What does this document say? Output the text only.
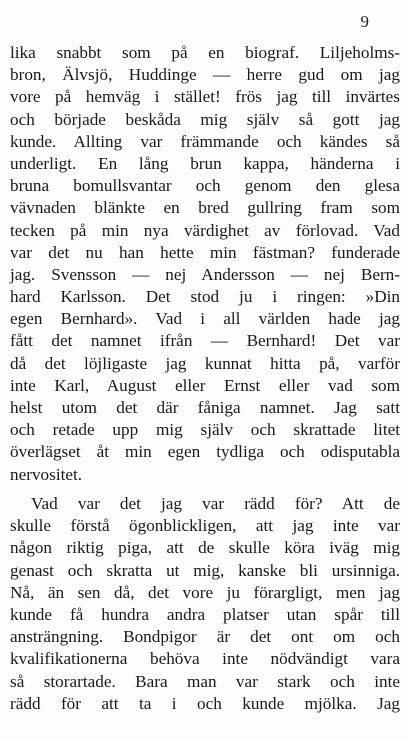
9
lika snabbt som på en biograf. Liljeholms-
bron, Älvsjö, Huddinge — herre gud om jag
vore på hemväg i stället! frös jag till invärtes
och började beskåda mig själv så gott jag
kunde. Allting var främmande och kändes så
underligt. En lång brun kappa, händerna i
bruna bomullsvantar och genom den glesa
vävnaden blänkte en bred gullring fram som
tecken på min nya värdighet av förlovad. Vad
var det nu han hette min fästman? funderade
jag. Svensson — nej Andersson — nej Bern-
hard Karlsson. Det stod ju i ringen: »Din
egen Bernhard». Vad i all världen hade jag
fått det namnet ifrån — Bernhard! Det var
då det löjligaste jag kunnat hitta på, varför
inte Karl, August eller Ernst eller vad som
helst utom det där fåniga namnet. Jag satt
och retade upp mig själv och skrattade litet
överlägset åt min egen tydliga och odisputabla
nervositet.
Vad var det jag var rädd för? Att de
skulle förstå ögonblickligen, att jag inte var
någon riktig piga, att de skulle köra iväg mig
genast och skratta ut mig, kanske bli ursinniga.
Nå, än sen då, det vore ju förargligt, men jag
kunde få hundra andra platser utan spår till
ansträngning. Bondpigor är det ont om och
kvalifikationerna behöva inte nödvändigt vara
så storartade. Bara man var stark och inte
rädd för att ta i och kunde mjölka. Jag
